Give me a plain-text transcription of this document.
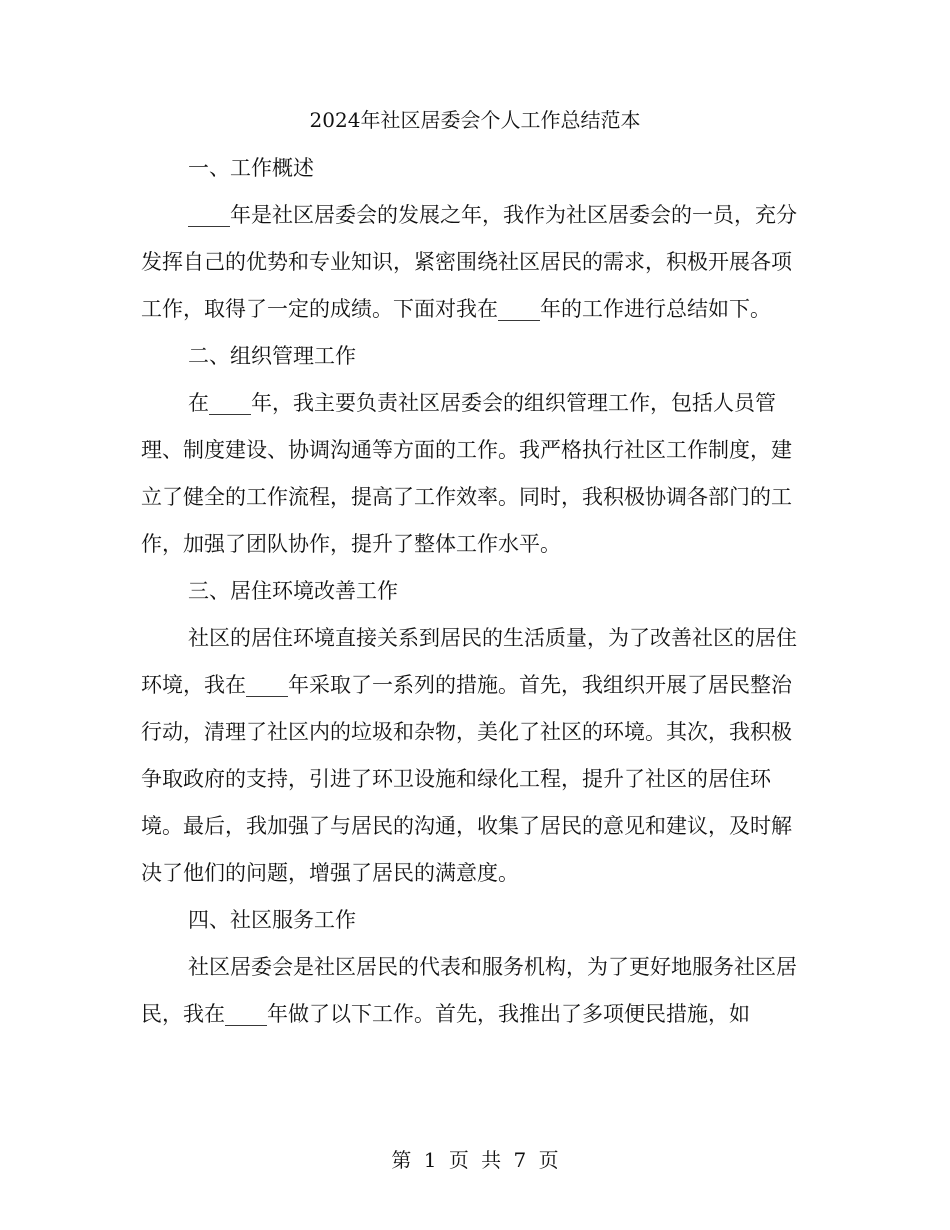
2024年社区居委会个人工作总结范本
一、工作概述

____年是社区居委会的发展之年，我作为社区居委会的一员，充分发挥自己的优势和专业知识，紧密围绕社区居民的需求，积极开展各项工作，取得了一定的成绩。下面对我在____年的工作进行总结如下。

二、组织管理工作

在____年，我主要负责社区居委会的组织管理工作，包括人员管理、制度建设、协调沟通等方面的工作。我严格执行社区工作制度，建立了健全的工作流程，提高了工作效率。同时，我积极协调各部门的工作，加强了团队协作，提升了整体工作水平。

三、居住环境改善工作

社区的居住环境直接关系到居民的生活质量，为了改善社区的居住环境，我在____年采取了一系列的措施。首先，我组织开展了居民整治行动，清理了社区内的垃圾和杂物，美化了社区的环境。其次，我积极争取政府的支持，引进了环卫设施和绿化工程，提升了社区的居住环境。最后，我加强了与居民的沟通，收集了居民的意见和建议，及时解决了他们的问题，增强了居民的满意度。

四、社区服务工作

社区居委会是社区居民的代表和服务机构，为了更好地服务社区居民，我在____年做了以下工作。首先，我推出了多项便民措施，如

第 1 页 共 7 页
